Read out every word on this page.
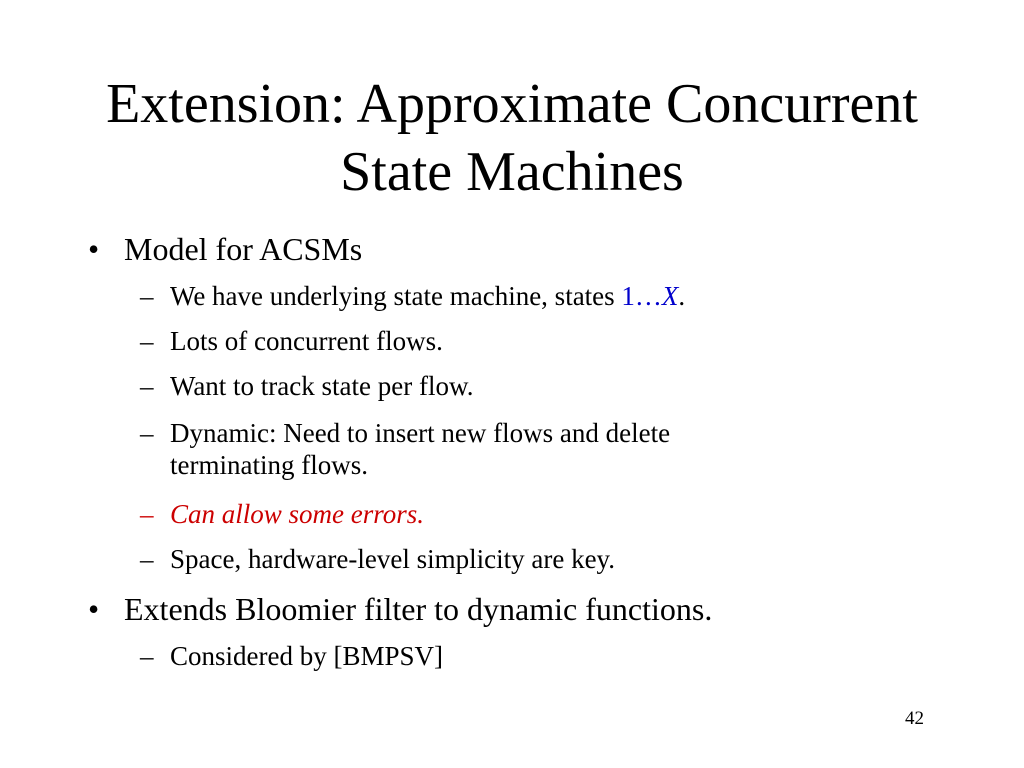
Extension: Approximate Concurrent
State Machines
• Model for ACSMs
– We have underlying state machine, states 1…X.
– Lots of concurrent flows.
– Want to track state per flow.
– Dynamic: Need to insert new flows and delete
terminating flows.
– Can allow some errors.
– Space, hardware-level simplicity are key.
• Extends Bloomier filter to dynamic functions.
– Considered by [BMPSV]
42
